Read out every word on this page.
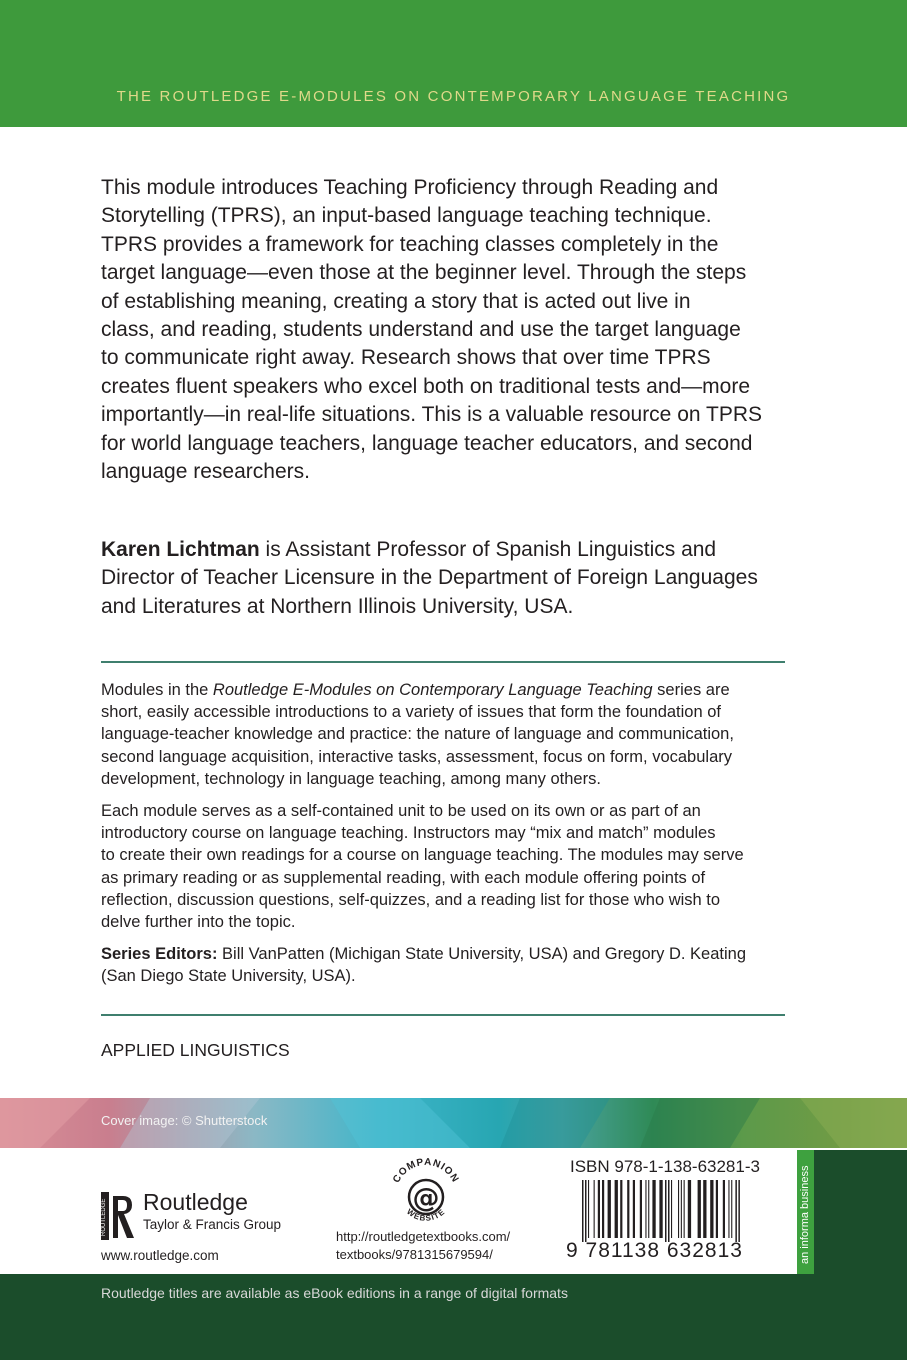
THE ROUTLEDGE E-MODULES ON CONTEMPORARY LANGUAGE TEACHING

This module introduces Teaching Proficiency through Reading and

Storytelling (TPRS), an input-based language teaching technique.

TPRS provides a framework for teaching classes completely in the

target language—even those at the beginner level. Through the steps

of establishing meaning, creating a story that is acted out live in

class, and reading, students understand and use the target language

to communicate right away. Research shows that over time TPRS

creates fluent speakers who excel both on traditional tests and—more

importantly—in real-life situations. This is a valuable resource on TPRS

for world language teachers, language teacher educators, and second

language researchers.

Karen Lichtman is Assistant Professor of Spanish Linguistics and

Director of Teacher Licensure in the Department of Foreign Languages

and Literatures at Northern Illinois University, USA.

Modules in the Routledge E-Modules on Contemporary Language Teaching series are

short, easily accessible introductions to a variety of issues that form the foundation of

language-teacher knowledge and practice: the nature of language and communication,

second language acquisition, interactive tasks, assessment, focus on form, vocabulary

development, technology in language teaching, among many others.

Each module serves as a self-contained unit to be used on its own or as part of an

introductory course on language teaching. Instructors may “mix and match” modules

to create their own readings for a course on language teaching. The modules may serve

as primary reading or as supplemental reading, with each module offering points of

reflection, discussion questions, self-quizzes, and a reading list for those who wish to

delve further into the topic.

Series Editors: Bill VanPatten (Michigan State University, USA) and Gregory D. Keating

(San Diego State University, USA).

APPLIED LINGUISTICS
Cover image: © Shutterstock
ROUTLEDGE Routledge
Taylor & Francis Group
www.routledge.com
COMPANION
WEBSITE
@
http://routledgetextbooks.com/
textbooks/9781315679594/
ISBN 978-1-138-63281-3
9 781138 632813	an informa business
Routledge titles are available as eBook editions in a range of digital formats
